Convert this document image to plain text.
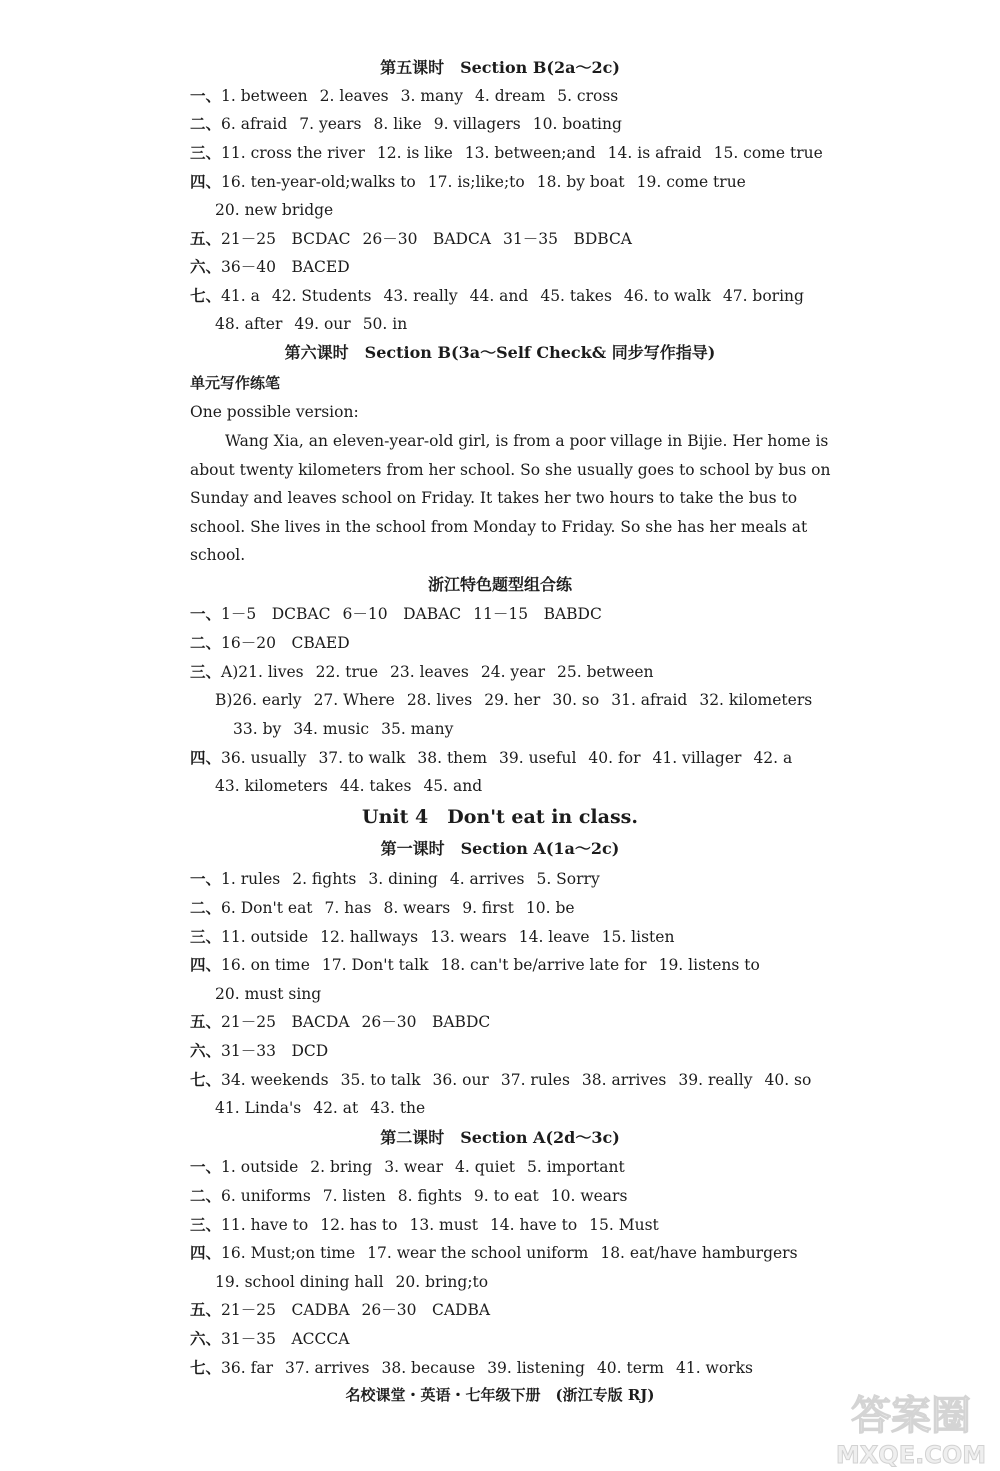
第五课时　Section B(2a～2c)
一、1. between 2. leaves 3. many 4. dream 5. cross
二、6. afraid 7. years 8. like 9. villagers 10. boating
三、11. cross the river 12. is like 13. between;and 14. is afraid 15. come true
四、16. ten-year-old;walks to 17. is;like;to 18. by boat 19. come true
20. new bridge
五、21－25　BCDAC 26－30　BADCA 31－35　BDBCA
六、36－40　BACED
七、41. a 42. Students 43. really 44. and 45. takes 46. to walk 47. boring
48. after 49. our 50. in
第六课时　Section B(3a～Self Check& 同步写作指导)
单元写作练笔
One possible version:
Wang Xia, an eleven-year-old girl, is from a poor village in Bijie. Her home is
about twenty kilometers from her school. So she usually goes to school by bus on
Sunday and leaves school on Friday. It takes her two hours to take the bus to
school. She lives in the school from Monday to Friday. So she has her meals at
school.
浙江特色题型组合练
一、1－5　DCBAC 6－10　DABAC 11－15　BABDC
二、16－20　CBAED
三、A)21. lives 22. true 23. leaves 24. year 25. between
B)26. early 27. Where 28. lives 29. her 30. so 31. afraid 32. kilometers
33. by 34. music 35. many
四、36. usually 37. to walk 38. them 39. useful 40. for 41. villager 42. a
43. kilometers 44. takes 45. and
Unit 4　Don't eat in class.
第一课时　Section A(1a～2c)
一、1. rules 2. fights 3. dining 4. arrives 5. Sorry
二、6. Don't eat 7. has 8. wears 9. first 10. be
三、11. outside 12. hallways 13. wears 14. leave 15. listen
四、16. on time 17. Don't talk 18. can't be/arrive late for 19. listens to
20. must sing
五、21－25　BACDA 26－30　BABDC
六、31－33　DCD
七、34. weekends 35. to talk 36. our 37. rules 38. arrives 39. really 40. so
41. Linda's 42. at 43. the
第二课时　Section A(2d～3c)
一、1. outside 2. bring 3. wear 4. quiet 5. important
二、6. uniforms 7. listen 8. fights 9. to eat 10. wears
三、11. have to 12. has to 13. must 14. have to 15. Must
四、16. Must;on time 17. wear the school uniform 18. eat/have hamburgers
19. school dining hall 20. bring;to
五、21－25　CADBA 26－30　CADBA
六、31－35　ACCCA
七、36. far 37. arrives 38. because 39. listening 40. term 41. works
名校课堂・英语・七年级下册　(浙江专版 RJ)	答案圈
MXQE.COM
